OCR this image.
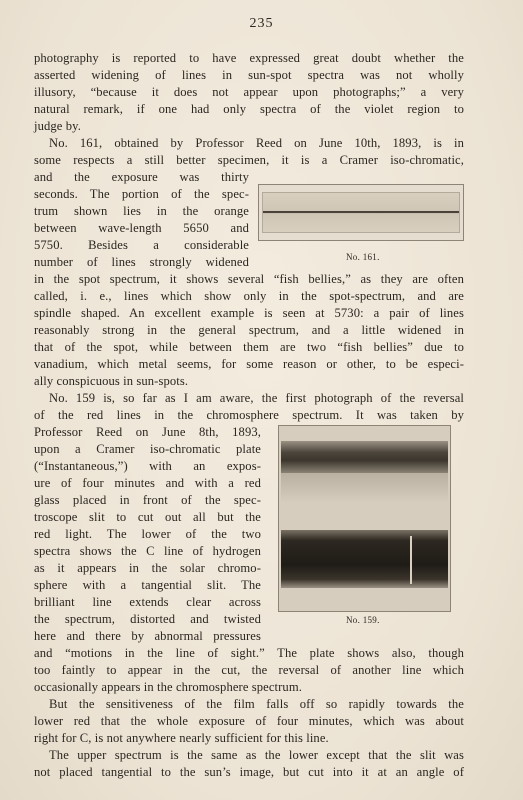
235
photography is reported to have expressed great doubt whether the
asserted widening of lines in sun-spot spectra was not wholly
illusory, “because it does not appear upon photographs;” a very
natural remark, if one had only spectra of the violet region to
judge by.
No. 161, obtained by Professor Reed on June 10th, 1893, is in
some respects a still better specimen, it is a Cramer iso-chromatic,
and the exposure was thirty
seconds. The portion of the spec-
trum shown lies in the orange
between wave-length 5650 and
5750. Besides a considerable
number of lines strongly widened	No. 161.
in the spot spectrum, it shows several “fish bellies,” as they are often
called, i. e., lines which show only in the spot-spectrum, and are
spindle shaped. An excellent example is seen at 5730: a pair of lines
reasonably strong in the general spectrum, and a little widened in
that of the spot, while between them are two “fish bellies” due to
vanadium, which metal seems, for some reason or other, to be especi-
ally conspicuous in sun-spots.
No. 159 is, so far as I am aware, the first photograph of the reversal
of the red lines in the chromosphere spectrum. It was taken by
Professor Reed on June 8th, 1893,
upon a Cramer iso-chromatic plate
(“Instantaneous,”) with an expos-
ure of four minutes and with a red
glass placed in front of the spec-
troscope slit to cut out all but the
red light. The lower of the two
spectra shows the C line of hydrogen
as it appears in the solar chromo-
sphere with a tangential slit. The
brilliant line extends clear across
the spectrum, distorted and twisted
here and there by abnormal pressures
No. 159.
and “motions in the line of sight.” The plate shows also, though
too faintly to appear in the cut, the reversal of another line which
occasionally appears in the chromosphere spectrum.
But the sensitiveness of the film falls off so rapidly towards the
lower red that the whole exposure of four minutes, which was about
right for C, is not anywhere nearly sufficient for this line.
The upper spectrum is the same as the lower except that the slit was
not placed tangential to the sun’s image, but cut into it at an angle of
